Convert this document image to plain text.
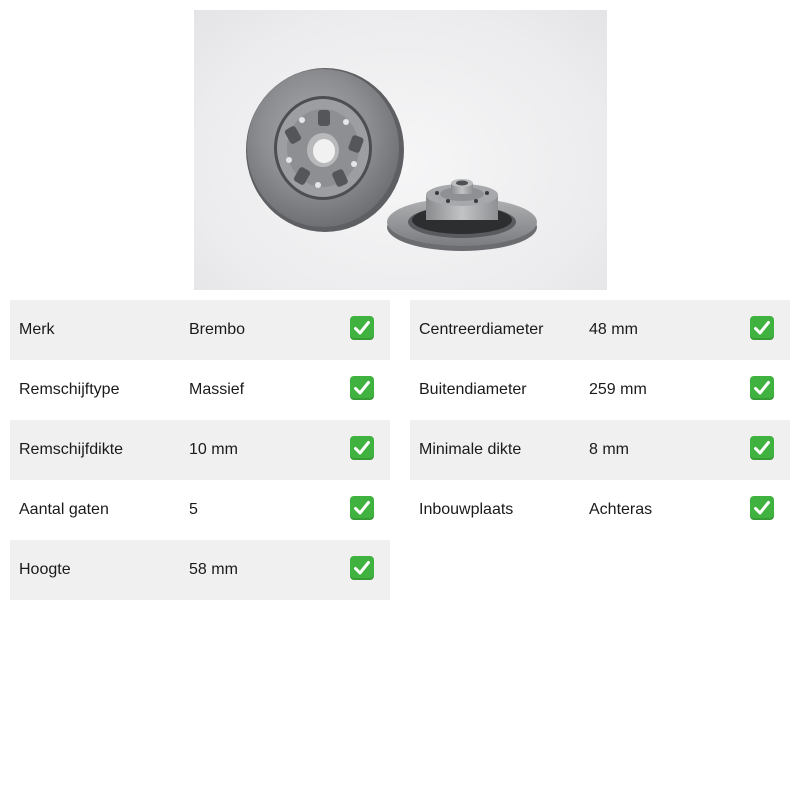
Merk	Brembo
Remschijftype	Massief
Remschijfdikte	10 mm
Aantal gaten	5
Hoogte	58 mm
Centreerdiameter	48 mm
Buitendiameter	259 mm
Minimale dikte	8 mm
Inbouwplaats	Achteras
